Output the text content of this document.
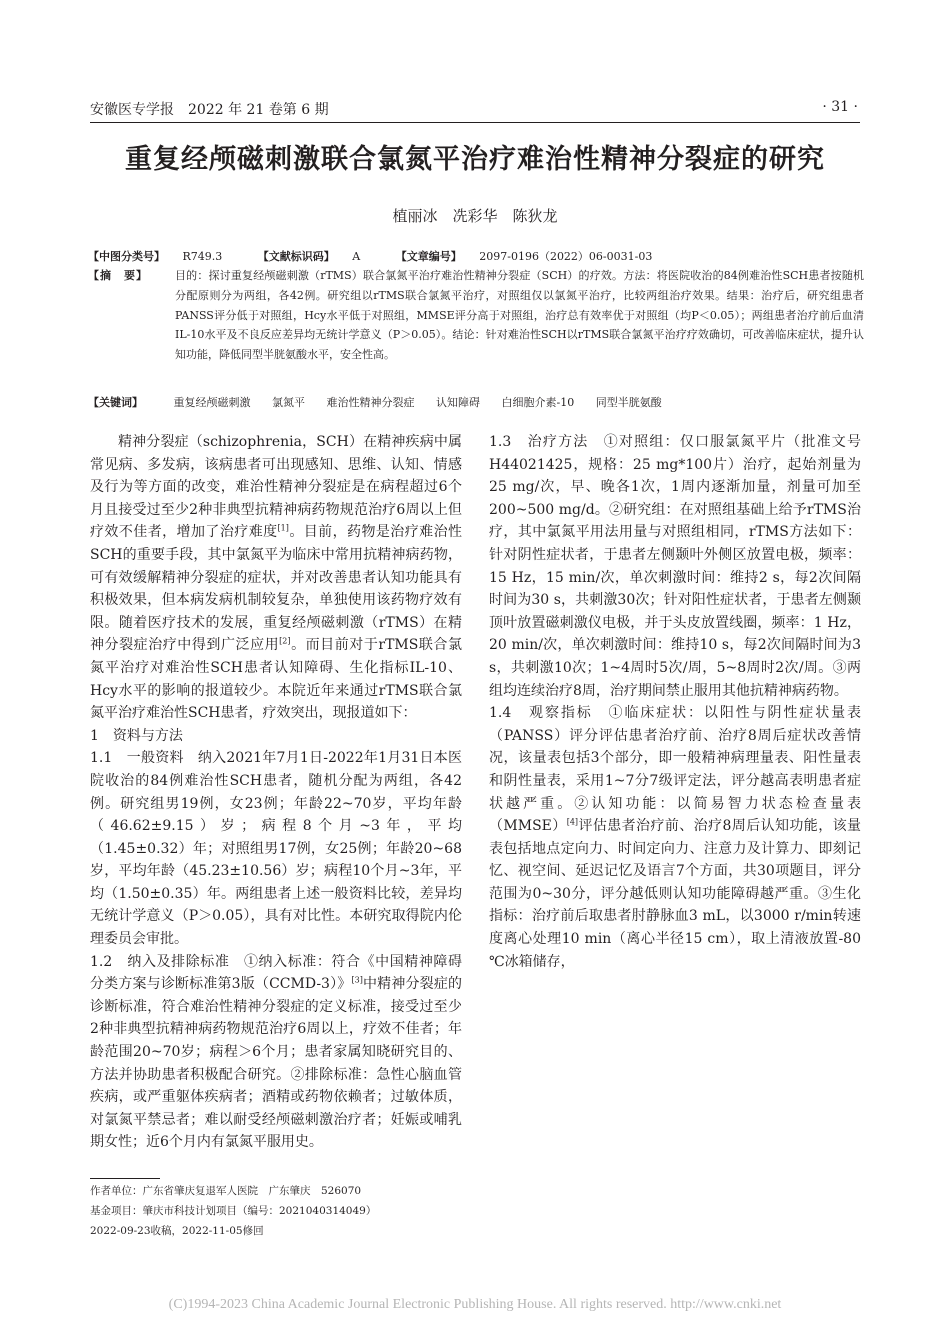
安徽医专学报　2022 年 21 卷第 6 期	· 31 ·
重复经颅磁刺激联合氯氮平治疗难治性精神分裂症的研究
植丽冰　冼彩华　陈狄龙
【中图分类号】 R749.3	【文献标识码】 A	【文章编号】 2097-0196（2022）06-0031-03
【摘　要】	目的：探讨重复经颅磁刺激（rTMS）联合氯氮平治疗难治性精神分裂症（SCH）的疗效。方法：将医院收治的84例难治性SCH患者按随机分配原则分为两组，各42例。研究组以rTMS联合氯氮平治疗，对照组仅以氯氮平治疗，比较两组治疗效果。结果：治疗后，研究组患者PANSS评分低于对照组，Hcy水平低于对照组，MMSE评分高于对照组，治疗总有效率优于对照组（均P＜0.05）；两组患者治疗前后血清IL-10水平及不良反应差异均无统计学意义（P＞0.05）。结论：针对难治性SCH以rTMS联合氯氮平治疗疗效确切，可改善临床症状，提升认知功能，降低同型半胱氨酸水平，安全性高。
【关键词】	重复经颅磁刺激 氯氮平 难治性精神分裂症 认知障碍 白细胞介素-10 同型半胱氨酸

精神分裂症（schizophrenia，SCH）在精神疾病中属常见病、多发病，该病患者可出现感知、思维、认知、情感及行为等方面的改变，难治性精神分裂症是在病程超过6个月且接受过至少2种非典型抗精神病药物规范治疗6周以上但疗效不佳者，增加了治疗难度[1]。目前，药物是治疗难治性SCH的重要手段，其中氯氮平为临床中常用抗精神病药物，可有效缓解精神分裂症的症状，并对改善患者认知功能具有积极效果，但本病发病机制较复杂，单独使用该药物疗效有限。随着医疗技术的发展，重复经颅磁刺激（rTMS）在精神分裂症治疗中得到广泛应用[2]。而目前对于rTMS联合氯氮平治疗对难治性SCH患者认知障碍、生化指标IL-10、Hcy水平的影响的报道较少。本院近年来通过rTMS联合氯氮平治疗难治性SCH患者，疗效突出，现报道如下：

1　资料与方法

1.1　一般资料　纳入2021年7月1日-2022年1月31日本医院收治的84例难治性SCH患者，随机分配为两组，各42例。研究组男19例，女23例；年龄22~70岁，平均年龄（46.62±9.15）岁；病程8个月~3年，平均（1.45±0.32）年；对照组男17例，女25例；年龄20~68岁，平均年龄（45.23±10.56）岁；病程10个月~3年，平均（1.50±0.35）年。两组患者上述一般资料比较，差异均无统计学意义（P＞0.05），具有对比性。本研究取得院内伦理委员会审批。

1.2　纳入及排除标准　①纳入标准：符合《中国精神障碍分类方案与诊断标准第3版（CCMD-3）》[3]中精神分裂症的诊断标准，符合难治性精神分裂症的定义标准，接受过至少2种非典型抗精神病药物规范治疗6周以上，疗效不佳者；年龄范围20~70岁；病程＞6个月；患者家属知晓研究目的、方法并协助患者积极配合研究。②排除标准：急性心脑血管疾病，或严重躯体疾病者；酒精或药物依赖者；过敏体质，对氯氮平禁忌者；难以耐受经颅磁刺激治疗者；妊娠或哺乳期女性；近6个月内有氯氮平服用史。

1.3　治疗方法　①对照组：仅口服氯氮平片（批准文号H44021425，规格：25 mg*100片）治疗，起始剂量为25 mg/次，早、晚各1次，1周内逐渐加量，剂量可加至200~500 mg/d。②研究组：在对照组基础上给予rTMS治疗，其中氯氮平用法用量与对照组相同，rTMS方法如下：针对阴性症状者，于患者左侧颞叶外侧区放置电极，频率：15 Hz，15 min/次，单次刺激时间：维持2 s，每2次间隔时间为30 s，共刺激30次；针对阳性症状者，于患者左侧颞顶叶放置磁刺激仪电极，并于头皮放置线圈，频率：1 Hz，20 min/次，单次刺激时间：维持10 s，每2次间隔时间为3 s，共刺激10次；1~4周时5次/周，5~8周时2次/周。③两组均连续治疗8周，治疗期间禁止服用其他抗精神病药物。

1.4　观察指标　①临床症状：以阳性与阴性症状量表（PANSS）评分评估患者治疗前、治疗8周后症状改善情况，该量表包括3个部分，即一般精神病理量表、阳性量表和阴性量表，采用1~7分7级评定法，评分越高表明患者症状越严重。②认知功能：以简易智力状态检查量表（MMSE）[4]评估患者治疗前、治疗8周后认知功能，该量表包括地点定向力、时间定向力、注意力及计算力、即刻记忆、视空间、延迟记忆及语言7个方面，共30项题目，评分范围为0~30分，评分越低则认知功能障碍越严重。③生化指标：治疗前后取患者肘静脉血3 mL，以3000 r/min转速度离心处理10 min（离心半径15 cm），取上清液放置-80 ℃冰箱储存，

作者单位：广东省肇庆复退军人医院　广东肇庆　526070
基金项目：肇庆市科技计划项目（编号：2021040314049）
2022-09-23收稿，2022-11-05修回
(C)1994-2023 China Academic Journal Electronic Publishing House. All rights reserved. http://www.cnki.net
